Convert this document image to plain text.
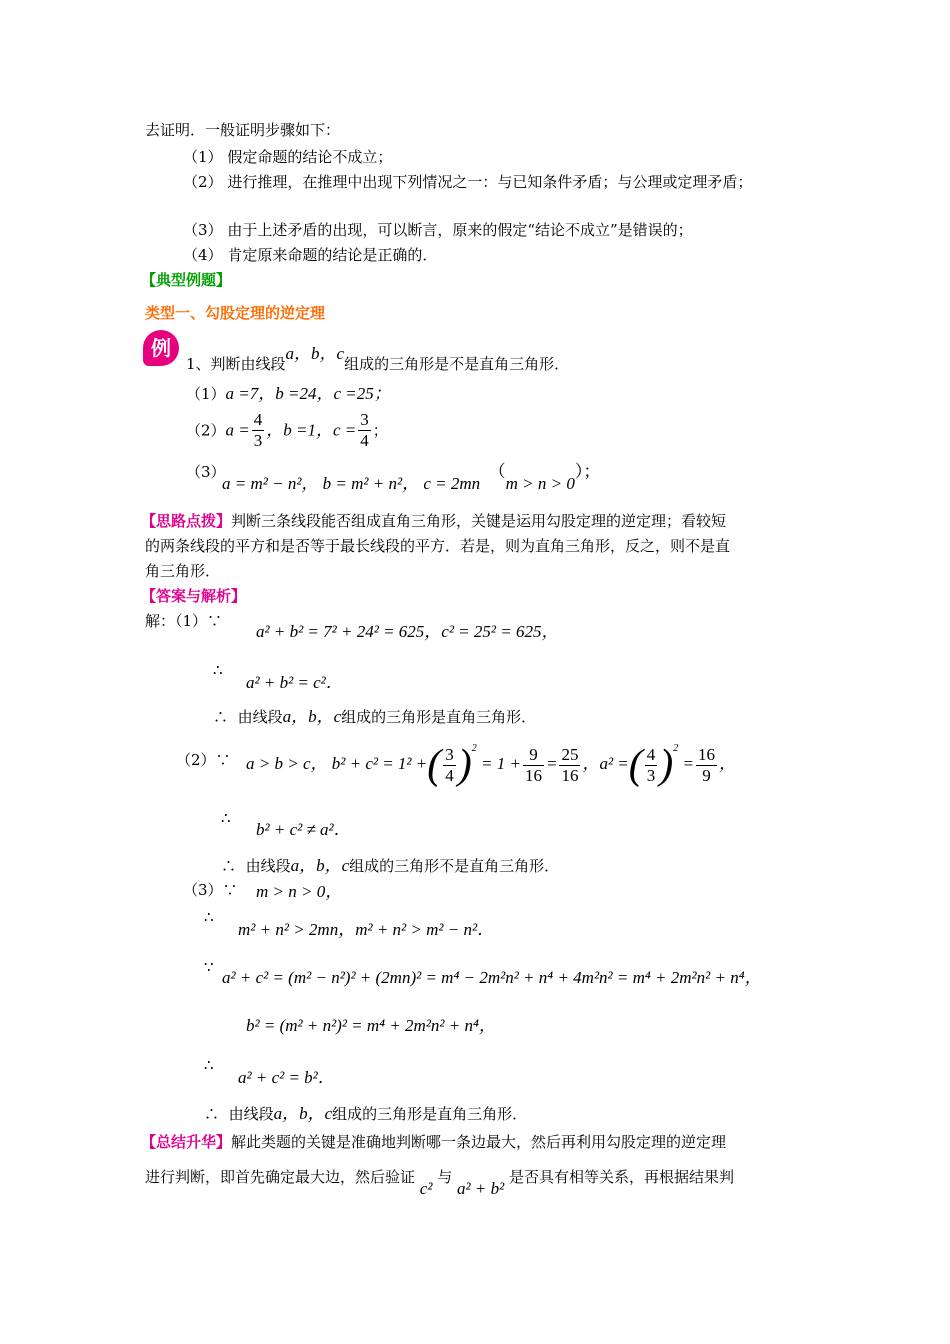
去证明．一般证明步骤如下：
（1） 假定命题的结论不成立；
（2） 进行推理，在推理中出现下列情况之一：与已知条件矛盾；与公理或定理矛盾；
（3） 由于上述矛盾的出现，可以断言，原来的假定“结论不成立”是错误的；
（4） 肯定原来命题的结论是正确的．
【典型例题】
类型一、勾股定理的逆定理
例
1、判断由线段a，b，c组成的三角形是不是直角三角形．
（1）a =7，b =24，c =25；
$(2)a = \frac{4}{3}$ ，b =1，$c = \frac{3}{4}$ ；
（3）
a = m² − n²， b = m² + n²， c = 2mn  （m > n > 0）；
【思路点拨】判断三条线段能否组成直角三角形，关键是运用勾股定理的逆定理；看较短
的两条线段的平方和是否等于最长线段的平方．若是，则为直角三角形，反之，则不是直
角三角形．
【答案与解析】
解：（1）∵
a² + b² = 7² + 24² = 625，c² = 25² = 625，
∴
a² + b² = c²．
∴ 由线段a，b，c组成的三角形是直角三角形．
（2）∵ a > b > c， b² + c² = 1² +( $\frac{3}{4} )^2 = 1 + \frac{9}{16} = \frac{25}{16}$ ，a² =( $\frac{4}{3} )^2 = \frac{16}{9}$ ，
∴
b² + c² ≠ a²．
∴ 由线段a，b，c组成的三角形不是直角三角形．
（3）∵ m > n > 0，
∴
m² + n² > 2mn，m² + n² > m² − n²．
∵
a² + c² = (m² − n²)² + (2mn)² = m⁴ − 2m²n² + n⁴ + 4m²n² = m⁴ + 2m²n² + n⁴，
b² = (m² + n²)² = m⁴ + 2m²n² + n⁴，
∴
a² + c² = b²．
∴ 由线段a，b，c组成的三角形是直角三角形．
【总结升华】解此类题的关键是准确地判断哪一条边最大，然后再利用勾股定理的逆定理
进行判断，即首先确定最大边，然后验证 c² 与 a² + b² 是否具有相等关系，再根据结果判
